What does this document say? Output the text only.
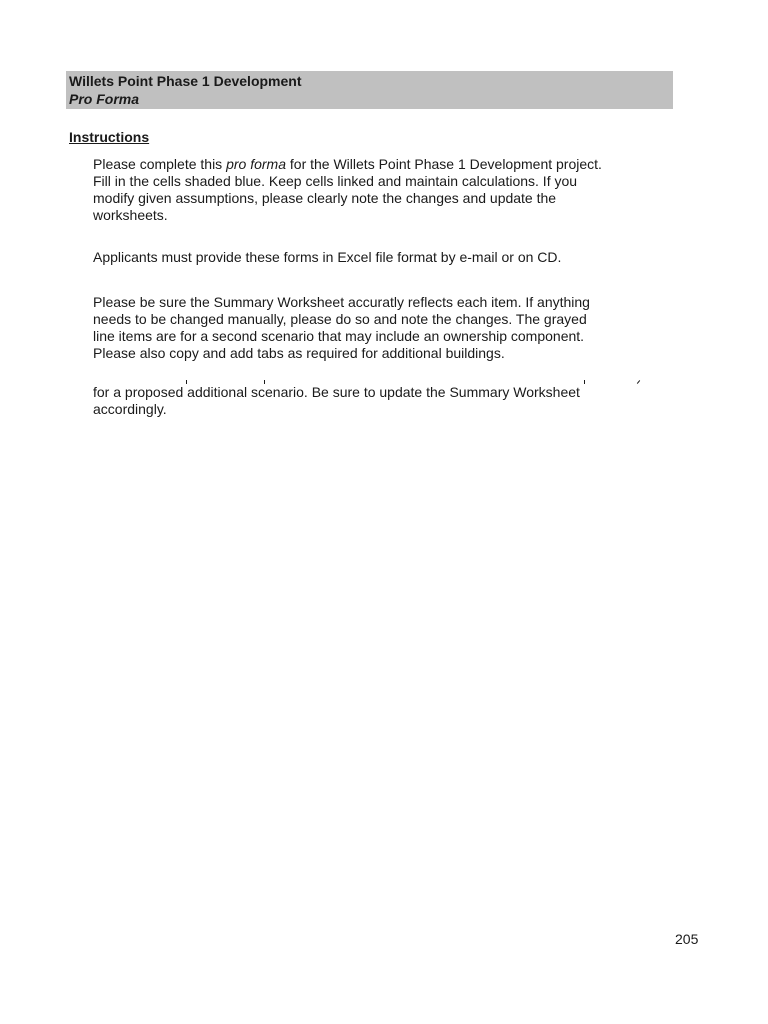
Willets Point Phase 1 Development
Pro Forma
Instructions
Please complete this pro forma for the Willets Point Phase 1 Development project.
Fill in the cells shaded blue. Keep cells linked and maintain calculations. If you
modify given assumptions, please clearly note the changes and update the
worksheets.
Applicants must provide these forms in Excel file format by e-mail or on CD.
Please be sure the Summary Worksheet accuratly reflects each item. If anything
needs to be changed manually, please do so and note the changes. The grayed
line items are for a second scenario that may include an ownership component.
Please also copy and add tabs as required for additional buildings.
for a proposed additional scenario. Be sure to update the Summary Worksheet
accordingly.
205
